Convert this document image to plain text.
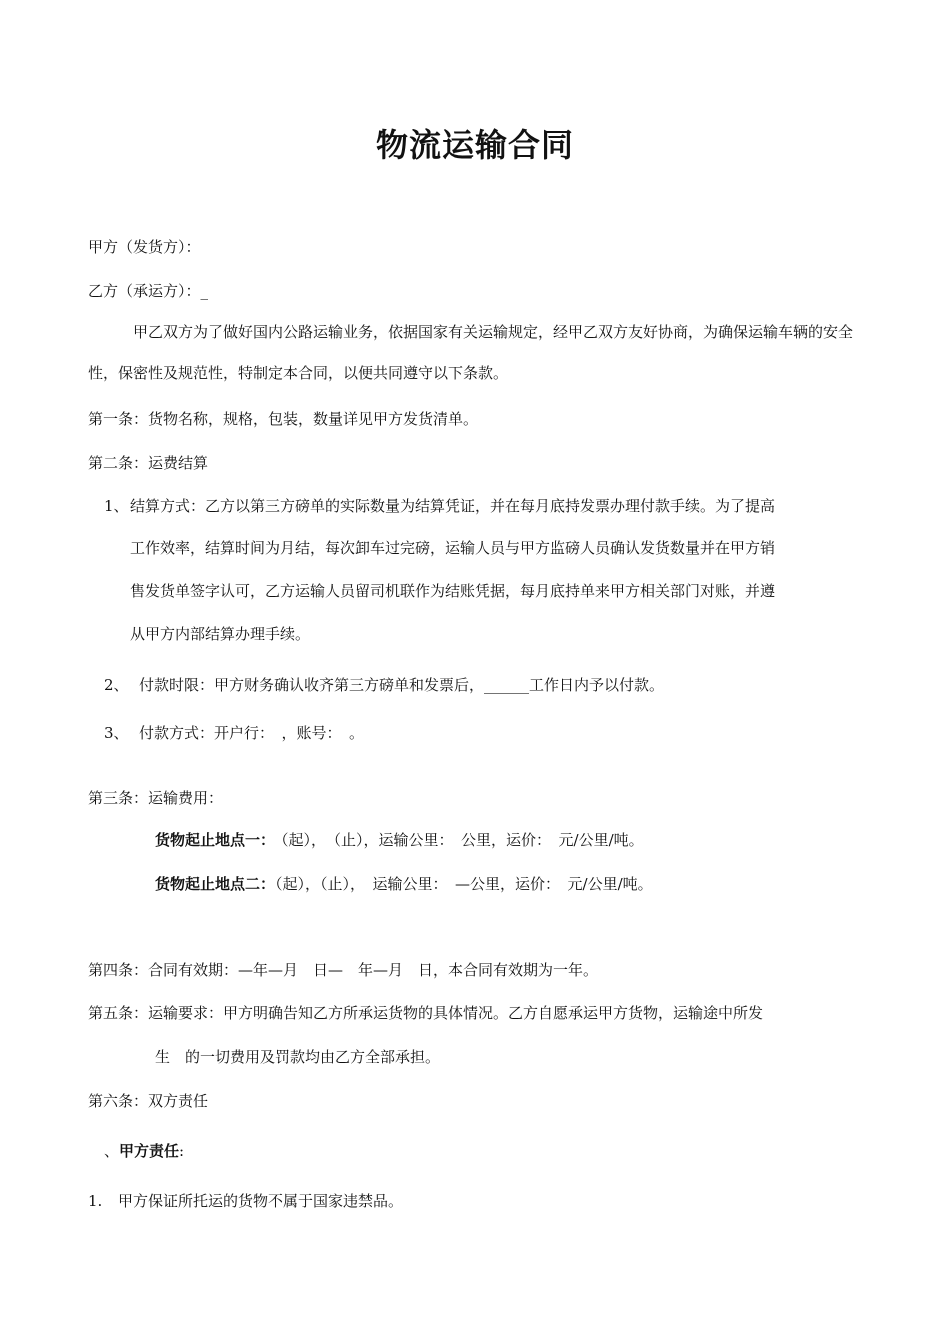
物流运输合同
甲方（发货方）：
乙方（承运方）：_
甲乙双方为了做好国内公路运输业务，依据国家有关运输规定，经甲乙双方友好协商，为确保运输车辆的安全性，保密性及规范性，特制定本合同，以便共同遵守以下条款。
第一条：货物名称，规格，包装，数量详见甲方发货清单。
第二条：运费结算
1、 结算方式：乙方以第三方磅单的实际数量为结算凭证，并在每月底持发票办理付款手续。为了提高
工作效率，结算时间为月结，每次卸车过完磅，运输人员与甲方监磅人员确认发货数量并在甲方销
售发货单签字认可，乙方运输人员留司机联作为结账凭据，每月底持单来甲方相关部门对账，并遵
从甲方内部结算办理手续。
2、 付款时限：甲方财务确认收齐第三方磅单和发票后，______工作日内予以付款。
3、 付款方式：开户行：　，账号：　。
第三条：运输费用：
货物起止地点一： （起），　（止），运输公里：　公里，运价：　元/公里/吨。
货物起止地点二：（起），（止），　运输公里：　—公里，运价：　元/公里/吨。
第四条：合同有效期：—年—月　日—　年—月　日，本合同有效期为一年。
第五条：运输要求：甲方明确告知乙方所承运货物的具体情况。乙方自愿承运甲方货物，运输途中所发
生　的一切费用及罚款均由乙方全部承担。
第六条：双方责任
、甲方责任:
1. 甲方保证所托运的货物不属于国家违禁品。
